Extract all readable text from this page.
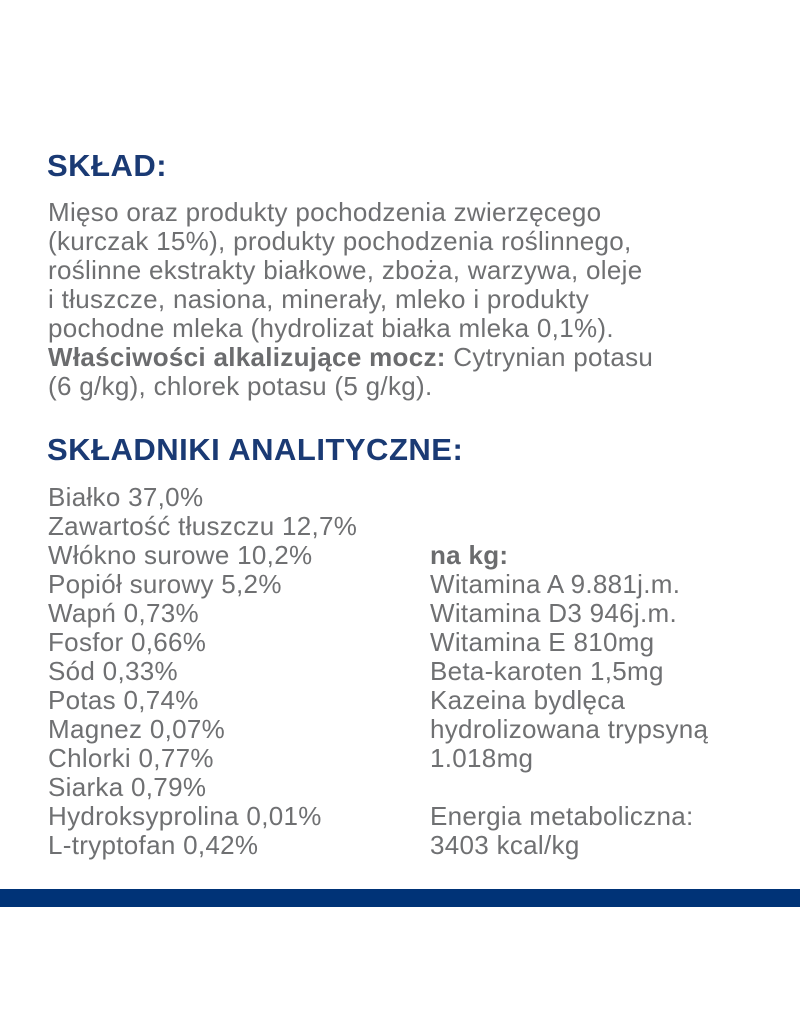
SKŁAD:
Mięso oraz produkty pochodzenia zwierzęcego
(kurczak 15%), produkty pochodzenia roślinnego,
roślinne ekstrakty białkowe, zboża, warzywa, oleje
i tłuszcze, nasiona, minerały, mleko i produkty
pochodne mleka (hydrolizat białka mleka 0,1%).
Właściwości alkalizujące mocz: Cytrynian potasu
(6 g/kg), chlorek potasu (5 g/kg).
SKŁADNIKI ANALITYCZNE:
Białko 37,0%
Zawartość tłuszczu 12,7%
Włókno surowe 10,2%
Popiół surowy 5,2%
Wapń 0,73%
Fosfor 0,66%
Sód 0,33%
Potas 0,74%
Magnez 0,07%
Chlorki 0,77%
Siarka 0,79%
Hydroksyprolina 0,01%
L-tryptofan 0,42%
na kg:
Witamina A 9.881j.m.
Witamina D3 946j.m.
Witamina E 810mg
Beta-karoten 1,5mg
Kazeina bydlęca
hydrolizowana trypsyną
1.018mg
Energia metaboliczna:
3403 kcal/kg
